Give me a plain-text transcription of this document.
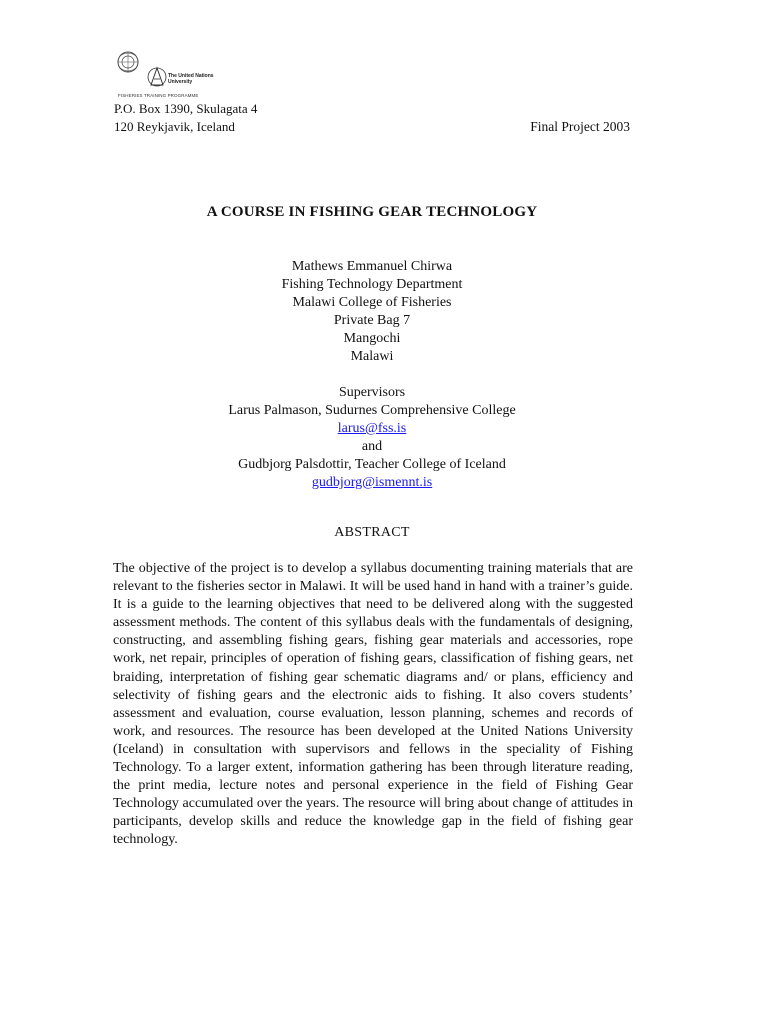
The United Nations
University
FISHERIES TRAINING PROGRAMME
P.O. Box 1390, Skulagata 4
120 Reykjavik, Iceland	Final Project 2003
A COURSE IN FISHING GEAR TECHNOLOGY
Mathews Emmanuel Chirwa
Fishing Technology Department
Malawi College of Fisheries
Private Bag 7
Mangochi
Malawi
Supervisors
Larus Palmason, Sudurnes Comprehensive College
larus@fss.is
and
Gudbjorg Palsdottir, Teacher College of Iceland
gudbjorg@ismennt.is
ABSTRACT
The objective of the project is to develop a syllabus documenting training materials that are relevant to the fisheries sector in Malawi. It will be used hand in hand with a trainer’s guide. It is a guide to the learning objectives that need to be delivered along with the suggested assessment methods. The content of this syllabus deals with the fundamentals of designing, constructing, and assembling fishing gears, fishing gear materials and accessories, rope work, net repair, principles of operation of fishing gears, classification of fishing gears, net braiding, interpretation of fishing gear schematic diagrams and/ or plans, efficiency and selectivity of fishing gears and the electronic aids to fishing. It also covers students’ assessment and evaluation, course evaluation, lesson planning, schemes and records of work, and resources. The resource has been developed at the United Nations University (Iceland) in consultation with supervisors and fellows in the speciality of Fishing Technology. To a larger extent, information gathering has been through literature reading, the print media, lecture notes and personal experience in the field of Fishing Gear Technology accumulated over the years. The resource will bring about change of attitudes in participants, develop skills and reduce the knowledge gap in the field of fishing gear technology.
